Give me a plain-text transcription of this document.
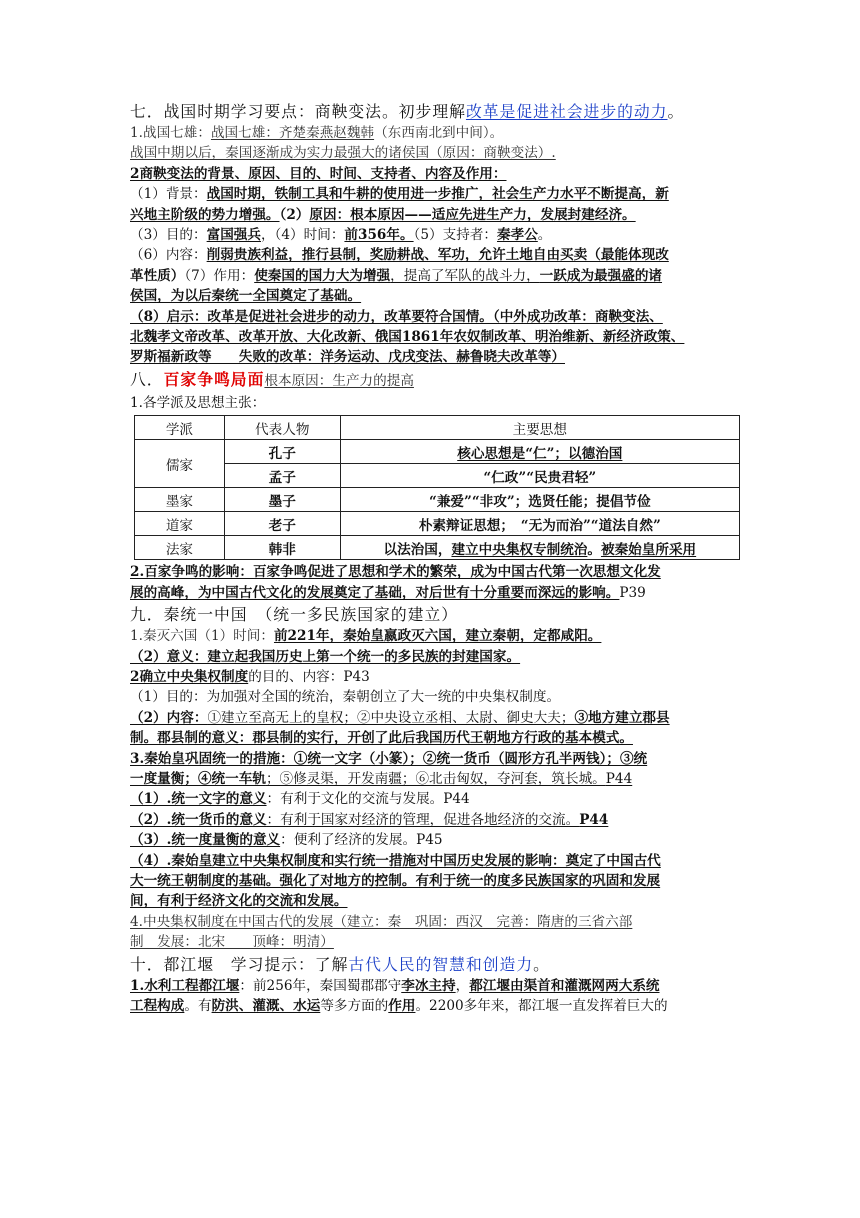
七．战国时期学习要点：商鞅变法。初步理解改革是促进社会进步的动力。
1.战国七雄：战国七雄：齐楚秦燕赵魏韩（东西南北到中间）。
战国中期以后，秦国逐渐成为实力最强大的诸侯国（原因：商鞅变法）.
2商鞅变法的背景、原因、目的、时间、支持者、内容及作用：
（1）背景：战国时期，铁制工具和牛耕的使用进一步推广，社会生产力水平不断提高，新
兴地主阶级的势力增强。（2）原因：根本原因——适应先进生产力，发展封建经济。
（3）目的：富国强兵，（4）时间：前356年。（5）支持者：秦孝公。
（6）内容：削弱贵族利益，推行县制，奖励耕战、军功，允许土地自由买卖（最能体现改
革性质）（7）作用：使秦国的国力大为增强，提高了军队的战斗力，一跃成为最强盛的诸
侯国，为以后秦统一全国奠定了基础。
（8）启示：改革是促进社会进步的动力，改革要符合国情。（中外成功改革：商鞅变法、
北魏孝文帝改革、改革开放、大化改新、俄国1861年农奴制改革、明治维新、新经济政策、
罗斯福新政等　　失败的改革：洋务运动、戊戌变法、赫鲁晓夫改革等）
八．百家争鸣局面根本原因：生产力的提高
1.各学派及思想主张：
学派	代表人物	主要思想
儒家	孔子	核心思想是“仁”；以德治国
	孟子	“仁政”“民贵君轻”
墨家	墨子	“兼爱”“非攻”；选贤任能；提倡节俭
道家	老子	朴素辩证思想；　“无为而治”“道法自然”
法家	韩非	以法治国，建立中央集权专制统治。被秦始皇所采用
2.百家争鸣的影响：百家争鸣促进了思想和学术的繁荣，成为中国古代第一次思想文化发
展的高峰，为中国古代文化的发展奠定了基础，对后世有十分重要而深远的影响。P39
九．秦统一中国　（统一多民族国家的建立）
1.秦灭六国（1）时间：前221年，秦始皇嬴政灭六国，建立秦朝，定都咸阳。
（2）意义：建立起我国历史上第一个统一的多民族的封建国家。
2确立中央集权制度的目的、内容：P43
（1）目的：为加强对全国的统治，秦朝创立了大一统的中央集权制度。
（2）内容：①建立至高无上的皇权；②中央设立丞相、太尉、御史大夫；③地方建立郡县
制。郡县制的意义：郡县制的实行，开创了此后我国历代王朝地方行政的基本模式。
3.秦始皇巩固统一的措施：①统一文字（小篆）；②统一货币（圆形方孔半两钱）；③统
一度量衡；④统一车轨；⑤修灵渠，开发南疆；⑥北击匈奴，夺河套，筑长城。P44
（1）.统一文字的意义：有利于文化的交流与发展。P44
（2）.统一货币的意义：有利于国家对经济的管理，促进各地经济的交流。P44
（3）.统一度量衡的意义：便利了经济的发展。P45
（4）.秦始皇建立中央集权制度和实行统一措施对中国历史发展的影响：奠定了中国古代
大一统王朝制度的基础。强化了对地方的控制。有利于统一的度多民族国家的巩固和发展
间，有利于经济文化的交流和发展。
4.中央集权制度在中国古代的发展（建立：秦　巩固：西汉　完善：隋唐的三省六部
制　发展：北宋　　顶峰：明清）
十．都江堰　学习提示：了解古代人民的智慧和创造力。
1.水利工程都江堰：前256年，秦国蜀郡郡守李冰主持，都江堰由渠首和灌溉网两大系统
工程构成。有防洪、灌溉、水运等多方面的作用。2200多年来，都江堰一直发挥着巨大的
